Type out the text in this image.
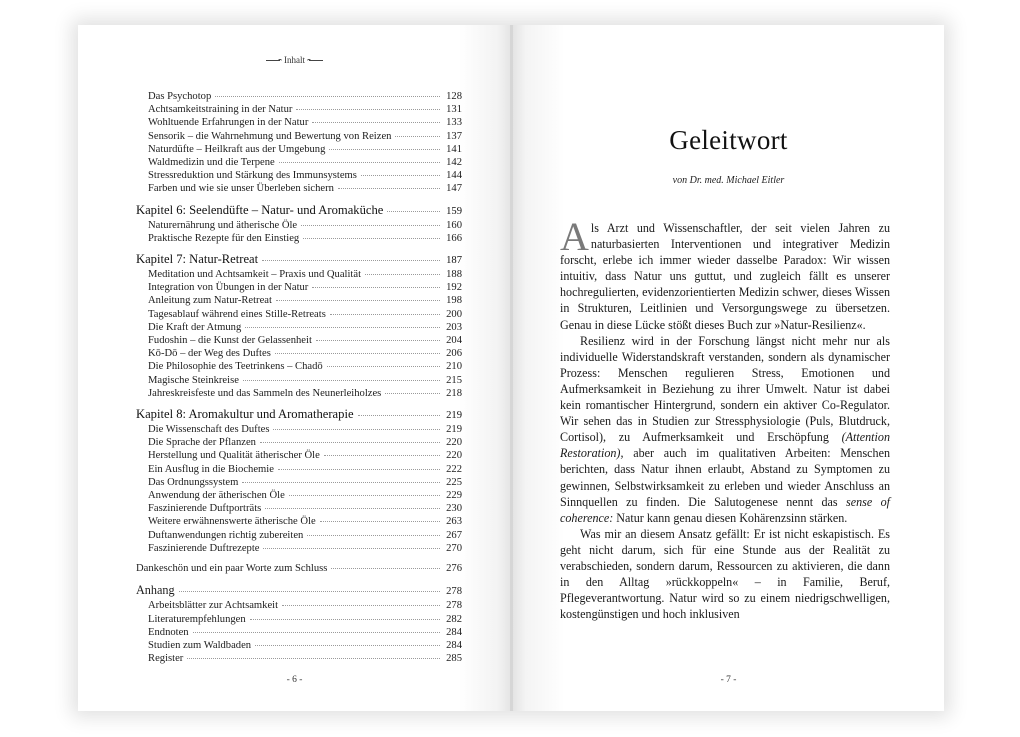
Inhalt
Das Psychotop	128
Achtsamkeitstraining in der Natur	131
Wohltuende Erfahrungen in der Natur	133
Sensorik – die Wahrnehmung und Bewertung von Reizen	137
Naturdüfte – Heilkraft aus der Umgebung	141
Waldmedizin und die Terpene	142
Stressreduktion und Stärkung des Immunsystems	144
Farben und wie sie unser Überleben sichern	147
Kapitel 6: Seelendüfte – Natur- und Aromaküche	159
Naturernährung und ätherische Öle	160
Praktische Rezepte für den Einstieg	166
Kapitel 7: Natur-Retreat	187
Meditation und Achtsamkeit – Praxis und Qualität	188
Integration von Übungen in der Natur	192
Anleitung zum Natur-Retreat	198
Tagesablauf während eines Stille-Retreats	200
Die Kraft der Atmung	203
Fudoshin – die Kunst der Gelassenheit	204
Kō-Dō – der Weg des Duftes	206
Die Philosophie des Teetrinkens – Chadō	210
Magische Steinkreise	215
Jahreskreisfeste und das Sammeln des Neunerleiholzes	218
Kapitel 8: Aromakultur und Aromatherapie	219
Die Wissenschaft des Duftes	219
Die Sprache der Pflanzen	220
Herstellung und Qualität ätherischer Öle	220
Ein Ausflug in die Biochemie	222
Das Ordnungssystem	225
Anwendung der ätherischen Öle	229
Faszinierende Duftporträts	230
Weitere erwähnenswerte ätherische Öle	263
Duftanwendungen richtig zubereiten	267
Faszinierende Duftrezepte	270
Dankeschön und ein paar Worte zum Schluss	276
Anhang	278
Arbeitsblätter zur Achtsamkeit	278
Literaturempfehlungen	282
Endnoten	284
Studien zum Waldbaden	284
Register	285
- 6 -
Geleitwort
von Dr. med. Michael Eitler

Als Arzt und Wissenschaftler, der seit vielen Jahren zu naturbasierten Interventionen und integrativer Medizin forscht, erlebe ich immer wieder dasselbe Paradox: Wir wissen intuitiv, dass Natur uns guttut, und zugleich fällt es unserer hochregulierten, evidenzorientierten Medizin schwer, dieses Wissen in Strukturen, Leitlinien und Versorgungswege zu übersetzen. Genau in diese Lücke stößt dieses Buch zur »Natur-Resilienz«.

Resilienz wird in der Forschung längst nicht mehr nur als individuelle Widerstandskraft verstanden, sondern als dynamischer Prozess: Menschen regulieren Stress, Emotionen und Aufmerksamkeit in Beziehung zu ihrer Umwelt. Natur ist dabei kein romantischer Hintergrund, sondern ein aktiver Co-Regulator. Wir sehen das in Studien zur Stressphysiologie (Puls, Blutdruck, Cortisol), zu Aufmerksamkeit und Erschöpfung (Attention Restoration), aber auch im qualitativen Arbeiten: Menschen berichten, dass Natur ihnen erlaubt, Abstand zu Symptomen zu gewinnen, Selbstwirksamkeit zu erleben und wieder Anschluss an Sinnquellen zu finden. Die Salutogenese nennt das sense of coherence: Natur kann genau diesen Kohärenzsinn stärken.

Was mir an diesem Ansatz gefällt: Er ist nicht eskapistisch. Es geht nicht darum, sich für eine Stunde aus der Realität zu verabschieden, sondern darum, Ressourcen zu aktivieren, die dann in den Alltag »rückkoppeln« – in Familie, Beruf, Pflegeverantwortung. Natur wird so zu einem niedrigschwelligen, kostengünstigen und hoch inklusiven

- 7 -
